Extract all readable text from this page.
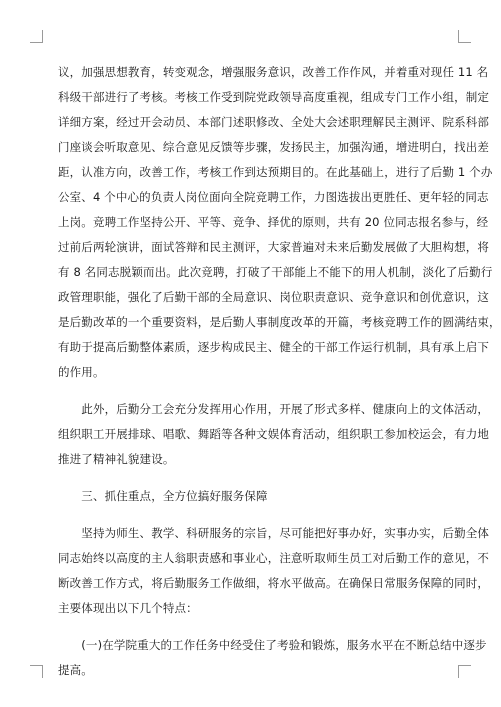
议，加强思想教育，转变观念，增强服务意识，改善工作作风，并着重对现任 11 名
科级干部进行了考核。考核工作受到院党政领导高度重视，组成专门工作小组，制定
详细方案，经过开会动员、本部门述职修改、全处大会述职理解民主测评、院系科部
门座谈会听取意见、综合意见反馈等步骤，发扬民主，加强沟通，增进明白，找出差
距，认准方向，改善工作，考核工作到达预期目的。在此基础上，进行了后勤 1 个办
公室、4 个中心的负责人岗位面向全院竞聘工作，力图选拔出更胜任、更年轻的同志
上岗。竞聘工作坚持公开、平等、竞争、择优的原则，共有 20 位同志报名参与，经
过前后两轮演讲，面试答辩和民主测评，大家普遍对未来后勤发展做了大胆构想，将
有 8 名同志脱颖而出。此次竞聘，打破了干部能上不能下的用人机制，淡化了后勤行
政管理职能，强化了后勤干部的全局意识、岗位职责意识、竞争意识和创优意识，这
是后勤改革的一个重要资料，是后勤人事制度改革的开篇，考核竞聘工作的圆满结束，
有助于提高后勤整体素质，逐步构成民主、健全的干部工作运行机制，具有承上启下
的作用。

　　此外，后勤分工会充分发挥用心作用，开展了形式多样、健康向上的文体活动，
组织职工开展排球、唱歌、舞蹈等各种文娱体育活动，组织职工参加校运会，有力地
推进了精神礼貌建设。

　　三、抓住重点，全方位搞好服务保障

　　坚持为师生、教学、科研服务的宗旨，尽可能把好事办好，实事办实，后勤全体
同志始终以高度的主人翁职责感和事业心，注意听取师生员工对后勤工作的意见，不
断改善工作方式，将后勤服务工作做细，将水平做高。在确保日常服务保障的同时，
主要体现出以下几个特点：

　　(一)在学院重大的工作任务中经受住了考验和锻炼，服务水平在不断总结中逐步
提高。
